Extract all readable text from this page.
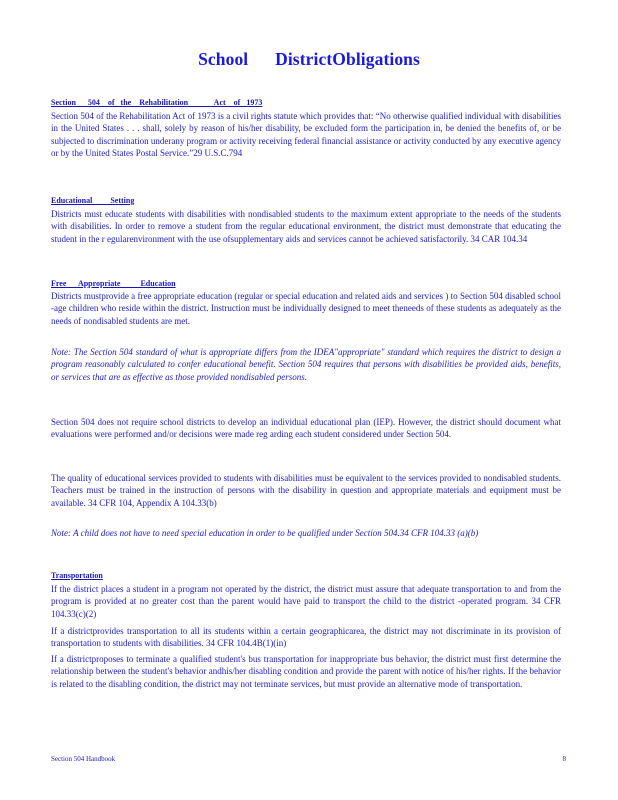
School      DistrictObligations
Section      504    of   the    Rehabilitation             Act    of   1973
Section 504 of the Rehabilitation Act of 1973 is a civil rights statute which provides that: “No otherwise qualified individual with disabilities in the United States . . . shall, solely by reason of his/her disability, be excluded form the participation in, be denied the benefits of, or be subjected to discrimination underany program or activity receiving federal financial assistance or activity conducted by any executive agency or by the United States Postal Service.”29 U.S.C.794
Educational         Setting
Districts must educate students with disabilities with nondisabled students to the maximum extent appropriate to the needs of the students with disabilities. In order to remove a student from the regular educational environment, the district must demonstrate that educating the student in the r egularenvironment with the use ofsupplementary aids and services cannot be achieved satisfactorily. 34 CAR 104.34
Free      Appropriate          Education
Districts mustprovide a free appropriate education (regular or special education and related aids and services ) to Section 504 disabled school -age children who reside within the district. Instruction must be individually designed to meet theneeds of these students as adequately as the needs of nondisabled students are met.
Note: The Section 504 standard of what is appropriate differs from the IDEA"appropriate" standard which requires the district to design a program reasonably calculated to confer educational benefit. Section 504 requires that persons with disabilities be provided aids, benefits, or services that are as effective as those provided nondisabled persons.
Section 504 does not require school districts to develop an individual educational plan (IEP). However, the district should document what evaluations were performed and/or decisions were made reg arding each student considered under Section 504.
The quality of educational services provided to students with disabilities must be equivalent to the services provided to nondisabled students. Teachers must be trained in the instruction of persons with the disability in question and appropriate materials and equipment must be available. 34 CFR 104, Appendix A 104.33(b)
Note: A child does not have to need special education in order to be qualified under Section 504.34 CFR 104.33 (a)(b)
Transportation
If the district places a student in a program not operated by the district, the district must assure that adequate transportation to and from the program is provided at no greater cost than the parent would have paid to transport the child to the district -operated program. 34 CFR 104.33(c)(2)
If a districtprovides transportation to all its students within a certain geographicarea, the district may not discriminate in its provision of transportation to students with disabilities. 34 CFR 104.4B(1)(in)
If a districtproposes to terminate a qualified student's bus transportation for inappropriate bus behavior, the district must first determine the relationship between the student's behavior andhis/her disabling condition and provide the parent with notice of his/her rights. If the behavior is related to the disabling condition, the district may not terminate services, but must provide an alternative mode of transportation.
Section 504 Handbook	8
